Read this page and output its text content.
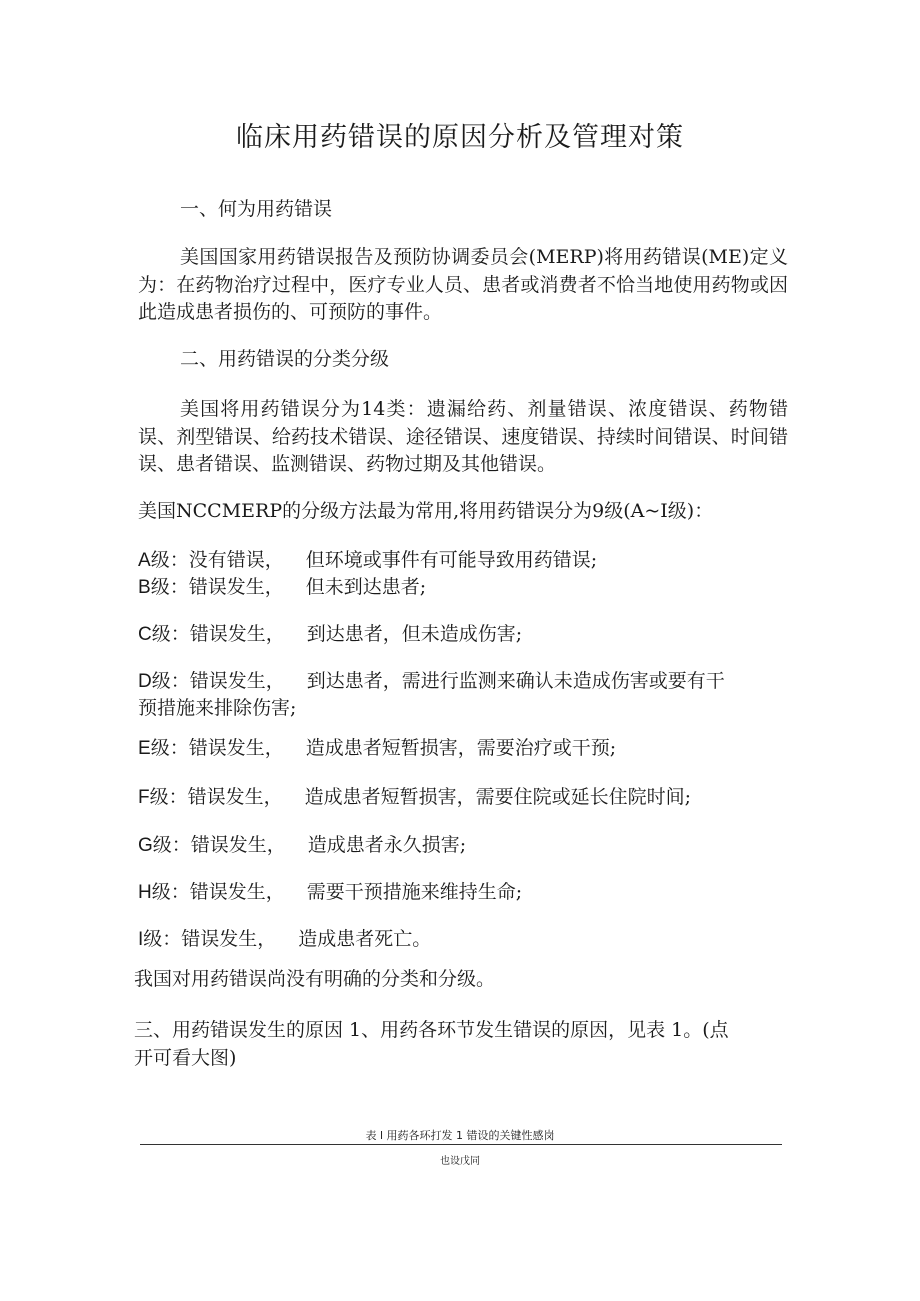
临床用药错误的原因分析及管理对策
一、何为用药错误
美国国家用药错误报告及预防协调委员会(MERP)将用药错误(ME)定义为：在药物治疗过程中，医疗专业人员、患者或消费者不恰当地使用药物或因此造成患者损伤的、可预防的事件。
二、用药错误的分类分级
美国将用药错误分为14类：遗漏给药、剂量错误、浓度错误、药物错误、剂型错误、给药技术错误、途径错误、速度错误、持续时间错误、时间错误、患者错误、监测错误、药物过期及其他错误。
美国NCCMERP的分级方法最为常用,将用药错误分为9级(A~I级)：
A级：没有错误， 但环境或事件有可能导致用药错误;
B级：错误发生， 但未到达患者;
C级：错误发生， 到达患者，但未造成伤害;
D级：错误发生， 到达患者，需进行监测来确认未造成伤害或要有干
预措施来排除伤害;
E级：错误发生， 造成患者短暂损害，需要治疗或干预;
F级：错误发生， 造成患者短暂损害，需要住院或延长住院时间;
G级：错误发生， 造成患者永久损害;
H级：错误发生， 需要干预措施来维持生命;
I级：错误发生， 造成患者死亡。
我国对用药错误尚没有明确的分类和分级。
三、用药错误发生的原因 1、用药各环节发生错误的原因，见表 1。(点
开可看大图)
表 l 用药各环打发 1 错设的关键性感岗
也设戊同
